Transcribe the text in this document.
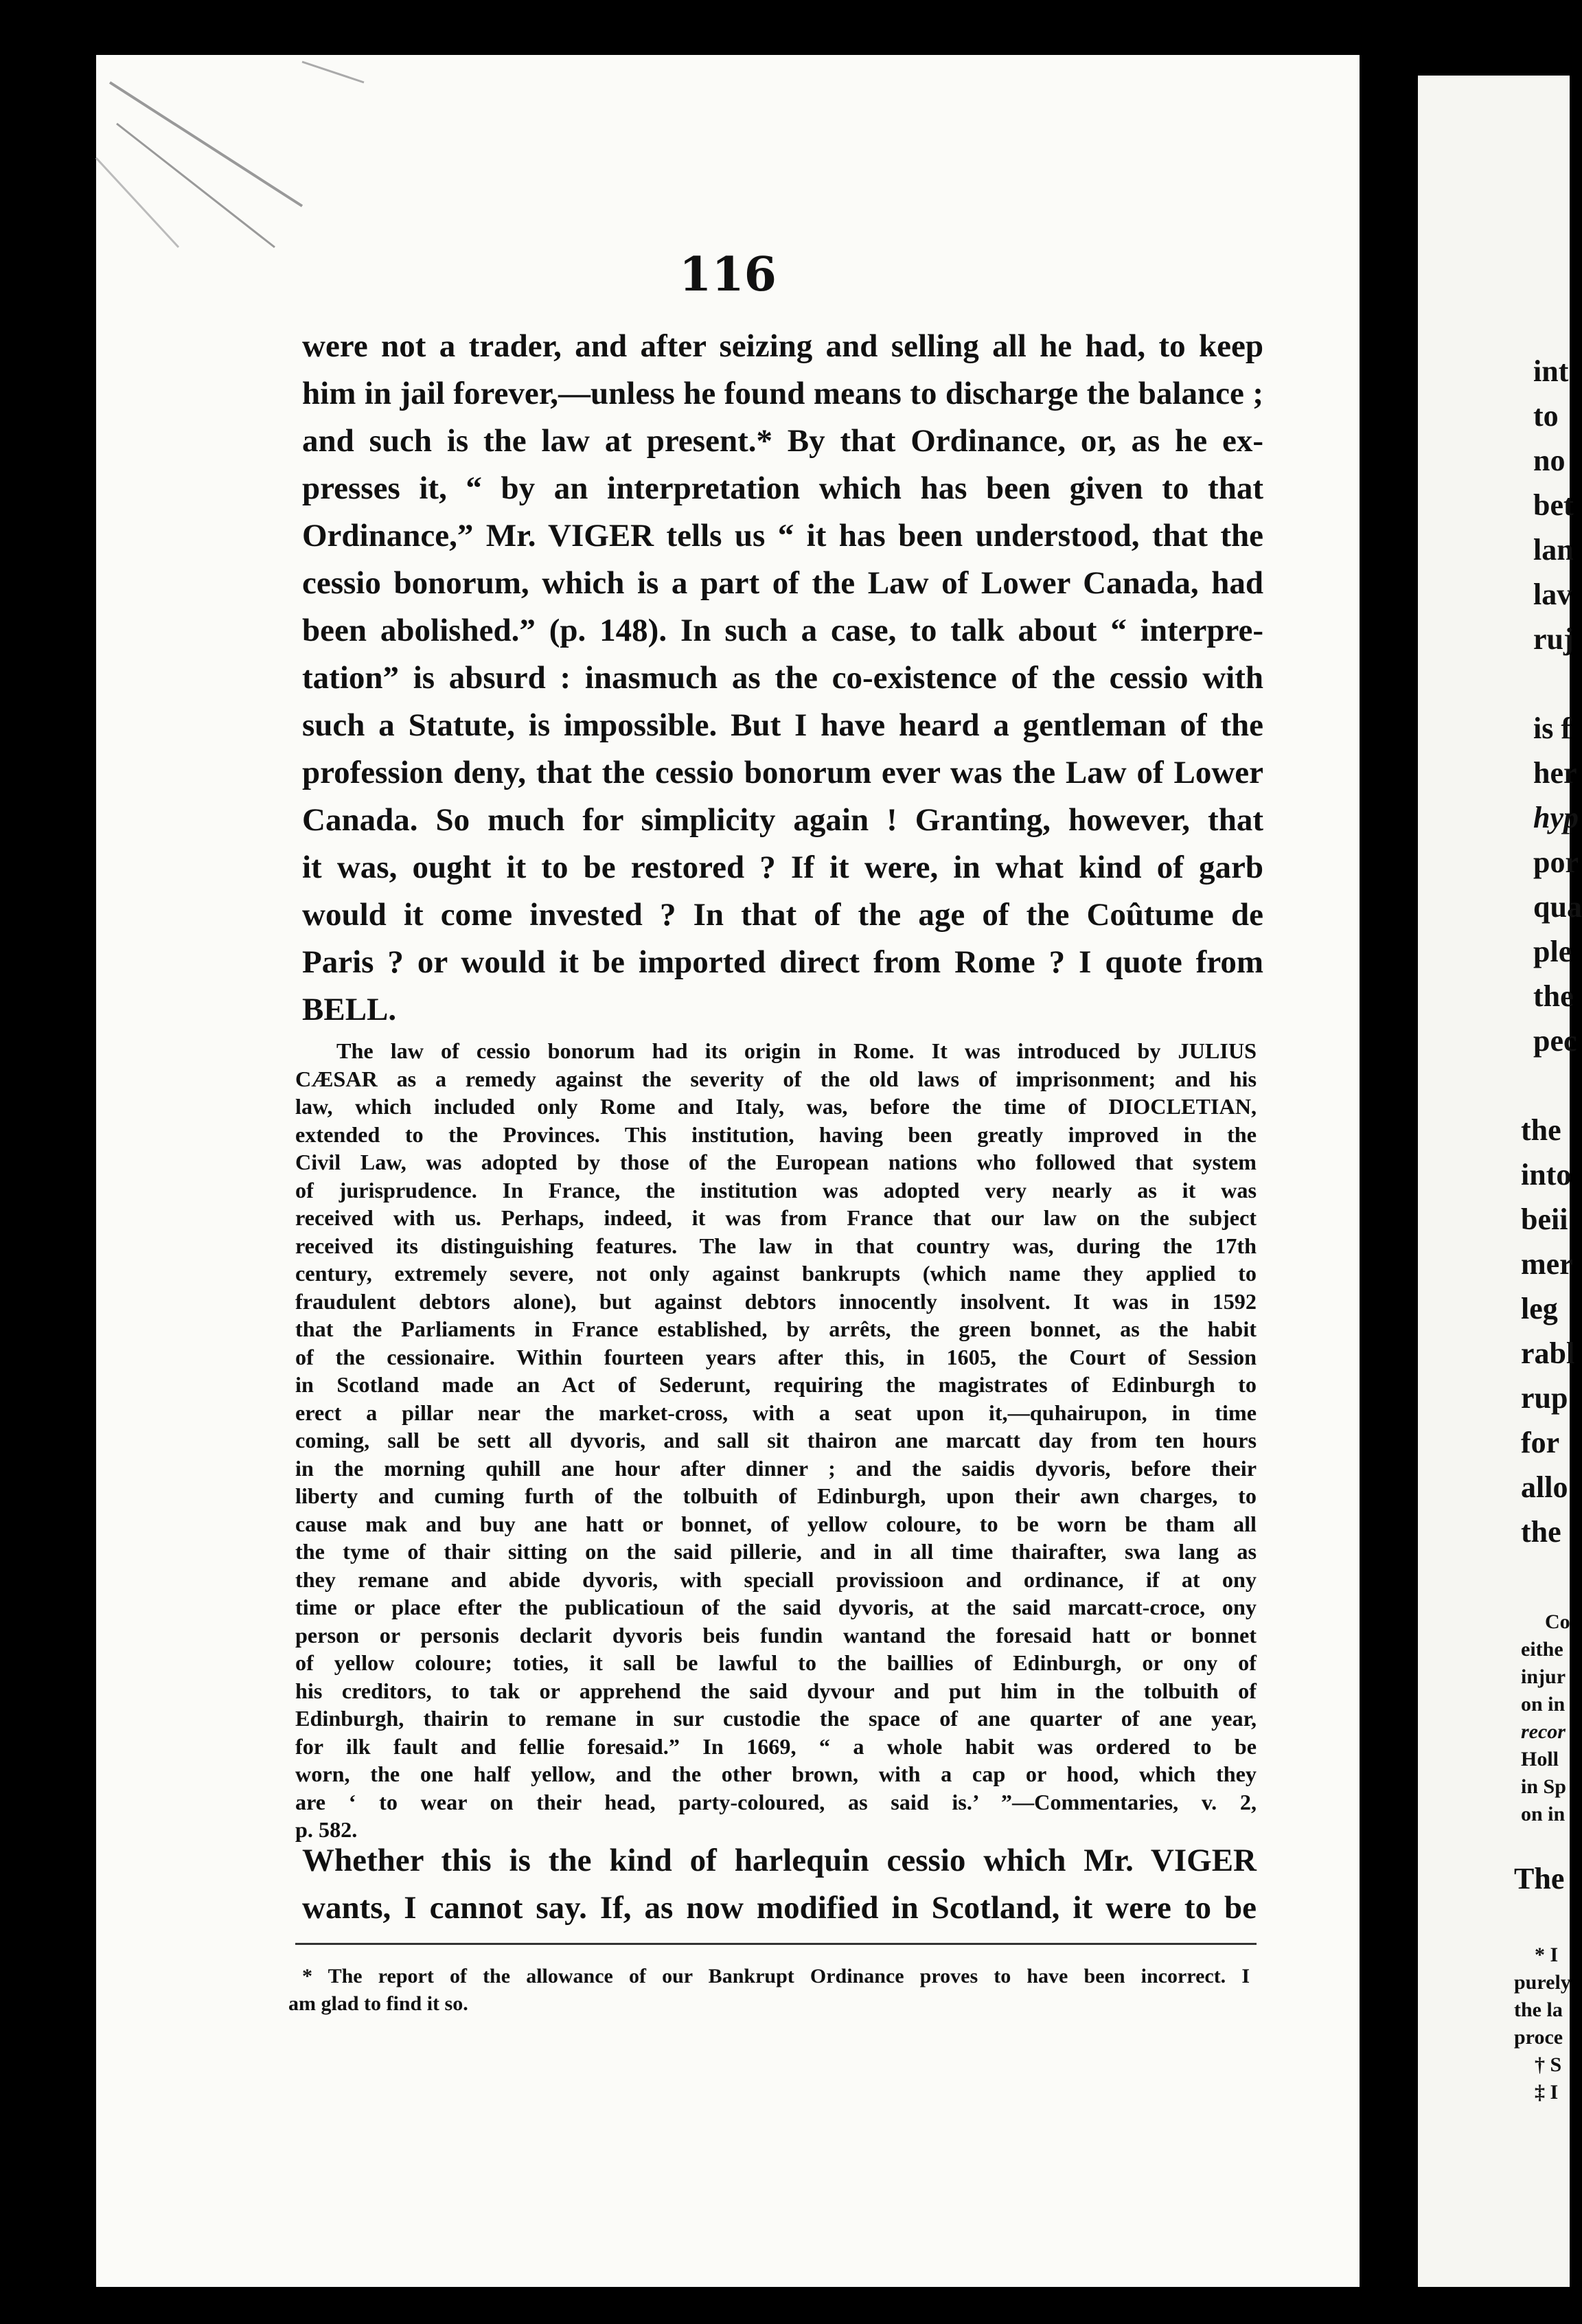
116
were not a trader, and after seizing and selling all he had, to keep
him in jail forever,—unless he found means to discharge the balance ;
and such is the law at present.* By that Ordinance, or, as he ex-
presses it, “ by an interpretation which has been given to that
Ordinance,” Mr. VIGER tells us “ it has been understood, that the
cessio bonorum, which is a part of the Law of Lower Canada, had
been abolished.” (p. 148). In such a case, to talk about “ interpre-
tation” is absurd : inasmuch as the co-existence of the cessio with
such a Statute, is impossible. But I have heard a gentleman of the
profession deny, that the cessio bonorum ever was the Law of Lower
Canada. So much for simplicity again ! Granting, however, that
it was, ought it to be restored ? If it were, in what kind of garb
would it come invested ? In that of the age of the Coûtume de
Paris ? or would it be imported direct from Rome ? I quote from
BELL.
The law of cessio bonorum had its origin in Rome. It was introduced by JULIUS
CÆSAR as a remedy against the severity of the old laws of imprisonment; and his
law, which included only Rome and Italy, was, before the time of DIOCLETIAN,
extended to the Provinces. This institution, having been greatly improved in the
Civil Law, was adopted by those of the European nations who followed that system
of jurisprudence. In France, the institution was adopted very nearly as it was
received with us. Perhaps, indeed, it was from France that our law on the subject
received its distinguishing features. The law in that country was, during the 17th
century, extremely severe, not only against bankrupts (which name they applied to
fraudulent debtors alone), but against debtors innocently insolvent. It was in 1592
that the Parliaments in France established, by arrêts, the green bonnet, as the habit
of the cessionaire. Within fourteen years after this, in 1605, the Court of Session
in Scotland made an Act of Sederunt, requiring the magistrates of Edinburgh to
erect a pillar near the market-cross, with a seat upon it,—quhairupon, in time
coming, sall be sett all dyvoris, and sall sit thairon ane marcatt day from ten hours
in the morning quhill ane hour after dinner ; and the saidis dyvoris, before their
liberty and cuming furth of the tolbuith of Edinburgh, upon their awn charges, to
cause mak and buy ane hatt or bonnet, of yellow coloure, to be worn be tham all
the tyme of thair sitting on the said pillerie, and in all time thairafter, swa lang as
they remane and abide dyvoris, with speciall provissioon and ordinance, if at ony
time or place efter the publicatioun of the said dyvoris, at the said marcatt-croce, ony
person or personis declarit dyvoris beis fundin wantand the foresaid hatt or bonnet
of yellow colourе; toties, it sall be lawful to the baillies of Edinburgh, or ony of
his creditors, to tak or apprehend the said dyvour and put him in the tolbuith of
Edinburgh, thairin to remane in sur custodie the space of ane quarter of ane year,
for ilk fault and fellie foresaid.” In 1669, “ a whole habit was ordered to be
worn, the one half yellow, and the other brown, with a cap or hood, which they
are ‘ to wear on their head, party-coloured, as said is.’ ”—Commentaries, v. 2,
p. 582.
Whether this is the kind of harlequin cessio which Mr. VIGER
wants, I cannot say. If, as now modified in Scotland, it were to be
* The report of the allowance of our Bankrupt Ordinance proves to have been incorrect. I
am glad to find it so.
int
to
no
bet
lan
lav
ruj
is f
her
hyp
por
qua
ple
the
pec
the
into
beii
mer
leg
rabl
rup
for
allo
the
Co
eithe
injur
on in
recor
Holl
in Sp
on in
The
* I
purely
the la
proce
† S
‡ I
